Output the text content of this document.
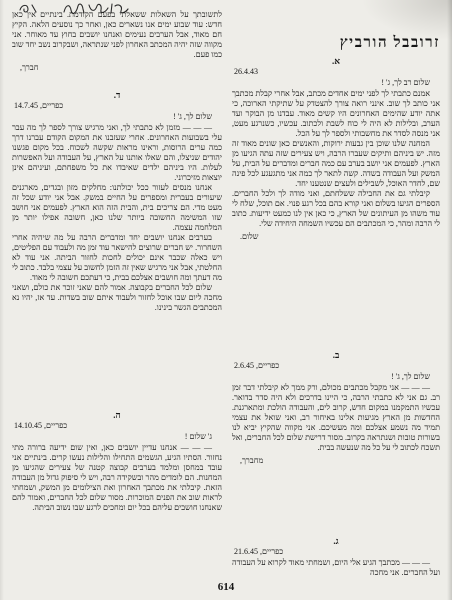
זרובבל הורביץ
א.
26.4.43
שלום רב לך, ג' !

אמנם כתבתי לך לפני ימים אחדים מכתב, אבל אחרי קבלת מכתבך אני כותב לך שוב. אינני רואה צורך להצטדק על שתיקתי הארוכה, כי אתה יודע שהימים האחרונים היו קשים מאוד. עבדנו מן הבוקר ועד הערב, ובלילות לא היה לי כוח לשבת ולכתוב. עכשיו, כשנרגע מעט, אני מנסה לסדר את מחשבותי ולספר לך על הכל.

המחנה שלנו שוכן בין גבעות ירוקות, והאנשים כאן שונים מאוד זה מזה. יש ביניהם ותיקים שעברו הרבה, ויש צעירים שזה עתה הגיעו מן הארץ. לפעמים אני יושב בערב עם כמה חברים ומדברים על הבית, על המשק ועל העבודה בשדה. קשה לתאר לך כמה אני מתגעגע לכל פינה שם, לחדר האוכל, לשבילים ולעצים שנטענו יחד.

קיבלתי גם את החבילה ששלחתם, ואני מודה לך ולכל החברים. הספרים הגיעו בשלום ואני קורא בהם בכל רגע פנוי. אם תוכל, שלח לי עוד משהו מן העיתונים של הארץ, כי כאן אין לנו כמעט ידיעות. כתוב לי הרבה ומהר, כי המכתבים הם עכשיו השמחה היחידה שלי.

שלום.
ב.
כפריים, 2.6.45
שלום לך, ג' !

— — — אני מקבל מכתבים מכולם, ורק ממך לא קיבלתי דבר זמן רב. גם אני לא כתבתי הרבה, כי היינו בדרכים ולא היה סדר בדואר. עכשיו התמקמנו במקום חדש, קרוב לים, והעבודה הולכת ומתארגנת. החדשות מן הארץ מגיעות אלינו באיחור רב, ואני שואל את עצמי תמיד מה נשמע אצלכם ומה מעשיכם. אני מקווה שהקיץ יביא לנו בשורות טובות ושנתראה בקרוב. מסור דרישת שלום לכל החברים, ואל תשכח לכתוב לי על כל מה שנעשה בבית.

מחברך,
ג.
כפריים, 21.6.45

— — — מכתבך הגיע אלי היום, ושמחתי מאוד לקרוא על העבודה ועל החברים. אני מחכה

לתשובתך על השאלות ששאלתי בפעם הקודמת. בינתיים אין כאן חדש: עוד שבוע ימים אנו נשארים כאן, ואחר כך נוסעים הלאה. הקיץ חם מאוד, אבל הערבים נעימים ואנחנו יושבים בחוץ עד מאוחר. אני מקווה שזה יהיה המכתב האחרון לפני שנתראה, ושבקרוב נשב יחד שוב כמו פעם.

חברך,
ד.
כפריים, 14.7.45
שלום לך, ג' !

— — — מזמן לא כתבתי לך, ואני מרגיש צורך לספר לך מה עבר עלי בשבועות האחרונים. אחרי שעזבנו את המקום הקודם עברנו דרך כמה ערים הרוסות, וראינו מראות שקשה לשכוח. בכל מקום פגשנו יהודים שניצלו, והם שאלו אותנו על הארץ, על העבודה ועל האפשרות לעלות. היו ביניהם ילדים שאיבדו את כל משפחתם, ועיניהם אינן יוצאות מזיכרוני.

אנחנו מנסים לעזור ככל יכולתנו: מחלקים מזון ובגדים, מארגנים שיעורים בעברית ומספרים על החיים במשק. אבל אני יודע שכל זה מעט מדי. הם צריכים בית, והבית הזה הוא הארץ. לפעמים אני חושב שזו המשימה החשובה ביותר שלנו כאן, חשובה אפילו יותר מן המלחמה עצמה.

בערבים אנחנו יושבים יחד ומדברים הרבה על מה שיהיה אחרי השחרור. יש חברים שרוצים להישאר עוד זמן מה ולעבוד עם הפליטים, ויש כאלה שכבר אינם יכולים לחכות לחזור הביתה. אני עוד לא החלטתי, אבל אני מרגיש שאין זה הזמן לחשוב על עצמי בלבד. כתוב לי מה דעתך ומה חושבים אצלכם בבית, כי דעתכם חשובה לי מאוד.

שלום לכל החברים בקבוצה. אמור להם שאני זוכר את כולם, ושאני מחכה ליום שבו אוכל לחזור ולעבוד איתם שוב בשדות. עד אז, יהיו נא המכתבים הגשר בינינו.

ה.
כפריים, 14.10.45
ג' שלום !

— — — אנחנו עדיין יושבים כאן, ואין שום ידיעה ברורה מתי נחזור. הסתיו הגיע, הגשמים התחילו והלילות נעשו קרים. בינתיים אני עובד במחסן ומלמד בערבים קבוצה קטנה של צעירים שהגיעו מן המחנות. הם לומדים מהר ובשקידה רבה, ויש לי סיפוק גדול מן העבודה הזאת. קיבלתי את מכתבך האחרון ואת הצילומים מן המשק, ושמחתי לראות שוב את הפנים המוכרות. מסור שלום לכל החברים, ואמור להם שאנחנו חושבים עליהם בכל יום ומחכים לרגע שבו נשוב הביתה.

614
